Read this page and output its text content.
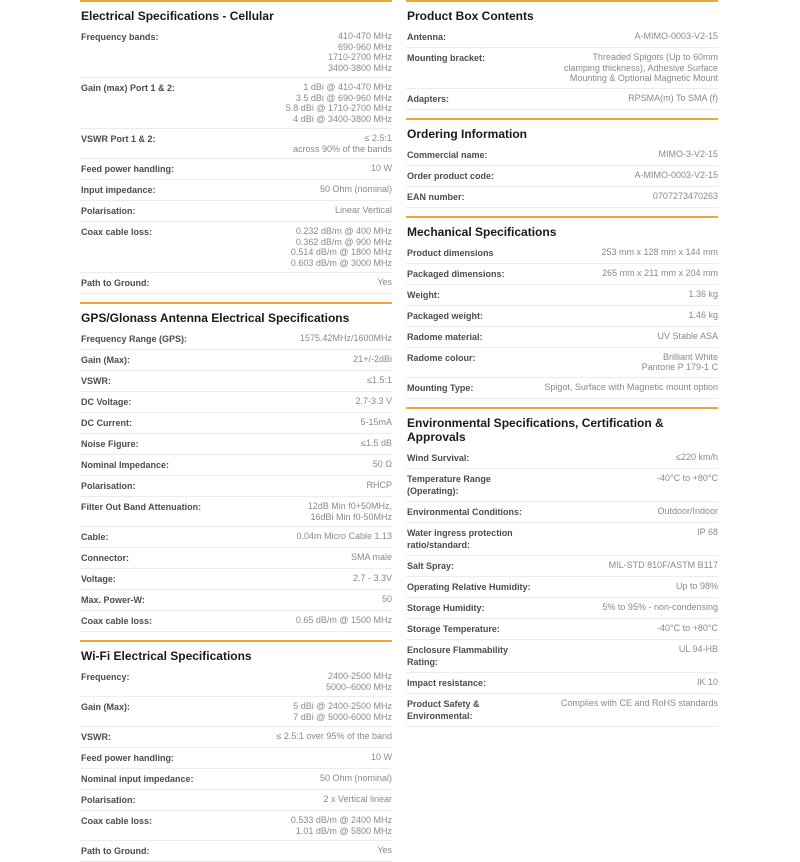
Electrical Specifications - Cellular
Frequency bands:	410-470 MHz
690-960 MHz
1710-2700 MHz
3400-3800 MHz
Gain (max) Port 1 & 2:	1 dBi @ 410-470 MHz
3.5 dBi @ 690-960 MHz
5.8 dBi @ 1710-2700 MHz
4 dBi @ 3400-3800 MHz
VSWR Port 1 & 2:	≤ 2.5:1
across 90% of the bands
Feed power handling:	10 W
Input impedance:	50 Ohm (nominal)
Polarisation:	Linear Vertical
Coax cable loss:	0.232 dB/m @ 400 MHz
0.362 dB/m @ 900 MHz
0.514 dB/m @ 1800 MHz
0.603 dB/m @ 3000 MHz
Path to Ground:	Yes
GPS/Glonass Antenna Electrical Specifications
Frequency Range (GPS):	1575.42MHz/1600MHz
Gain (Max):	21+/-2dBi
VSWR:	≤1.5:1
DC Voltage:	2.7-3.3 V
DC Current:	5-15mA
Noise Figure:	≤1.5 dB
Nominal Impedance:	50 Ω
Polarisation:	RHCP
Filter Out Band Attenuation:	12dB Min f0+50MHz,
16dBi Min f0-50MHz
Cable:	0.04m Micro Cable 1.13
Connector:	SMA male
Voltage:	2.7 - 3.3V
Max. Power-W:	50
Coax cable loss:	0.65 dB/m @ 1500 MHz
Wi-Fi Electrical Specifications
Frequency:	2400-2500 MHz
5000–6000 MHz
Gain (Max):	5 dBi @ 2400-2500 MHz
7 dBi @ 5000-6000 MHz

VSWR:	≤ 2.5:1 over 95% of the band
Feed power handling:	10 W
Nominal input impedance:	50 Ohm (nominal)
Polarisation:	2 x Vertical linear
Coax cable loss:	0.533 dB/m @ 2400 MHz
1.01 dB/m @ 5800 MHz
Path to Ground:	Yes
Product Box Contents
Antenna:	A-MIMO-0003-V2-15
Mounting bracket:	Threaded Spigots (Up to 60mm
clamping thickness), Adhesive Surface
Mounting & Optional Magnetic Mount

Adapters:	RPSMA(m) To SMA (f)
Ordering Information
Commercial name:	MIMO-3-V2-15
Order product code:	A-MIMO-0003-V2-15
EAN number:	0707273470263
Mechanical Specifications
Product dimensions	253 mm x 128 mm x 144 mm
Packaged dimensions:	265 mm x 211 mm x 204 mm
Weight:	1.36 kg
Packaged weight:	1.46 kg
Radome material:	UV Stable ASA
Radome colour:	Brilliant White
Pantone P 179-1 C
Mounting Type:	Spigot, Surface with Magnetic mount option
Environmental Specifications, Certification & Approvals
Wind Survival:	≤220 km/h
Temperature Range (Operating):
-40°C to +80°C
Environmental Conditions:	Outdoor/Indoor
Water ingress protection ratio/standard:
IP 68
Salt Spray:	MIL-STD 810F/ASTM B117
Operating Relative Humidity:	Up to 98%
Storage Humidity:	5% to 95% - non-condensing
Storage Temperature:	-40°C to +80°C
Enclosure Flammability Rating:
UL 94-HB
Impact resistance:	IK 10
Product Safety & Environmental:
Complies with CE and RoHS standards
